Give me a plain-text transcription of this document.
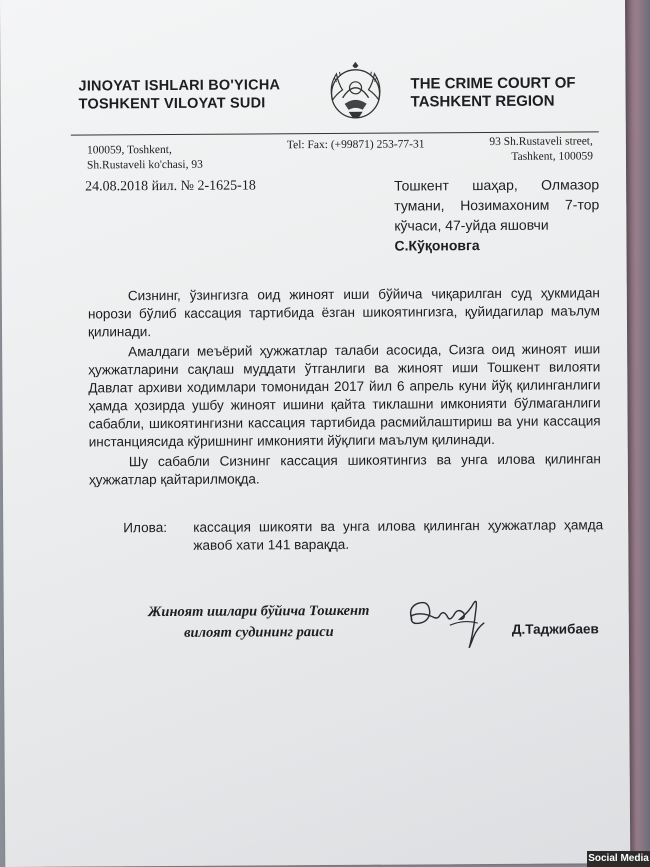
JINOYAT ISHLARI BO'YICHA
TOSHKENT VILOYAT SUDI
THE CRIME COURT OF
TASHKENT REGION
100059, Toshkent,
Sh.Rustaveli ko'chasi, 93
Tel: Fax: (+99871) 253-77-31	93 Sh.Rustaveli street,
Tashkent, 100059
24.08.2018 йил. № 2-1625-18	Тошкент шаҳар, Олмазор тумани, Нозимахоним 7-тор кўчаси, 47-уйда яшовчи
С.Кўқоновга

Сизнинг, ўзингизга оид жиноят иши бўйича чиқарилган суд ҳукмидан норози бўлиб кассация тартибида ёзган шикоятингизга, қуйидагилар маълум қилинади.

Амалдаги меъёрий ҳужжатлар талаби асосида, Сизга оид жиноят иши ҳужжатларини сақлаш муддати ўтганлиги ва жиноят иши Тошкент вилояти Давлат архиви ходимлари томонидан 2017 йил 6 апрель куни йўқ қилинганлиги ҳамда ҳозирда ушбу жиноят ишини қайта тиклашни имконияти бўлмаганлиги сабабли, шикоятингизни кассация тартибида расмийлаштириш ва уни кассация инстанциясида кўришнинг имконияти йўқлиги маълум қилинади.

Шу сабабли Сизнинг кассация шикоятингиз ва унга илова қилинган ҳужжатлар қайтарилмоқда.

Илова:	кассация шикояти ва унга илова қилинган ҳужжатлар ҳамда жавоб хати 141 варақда.
Жиноят ишлари бўйича Тошкент
вилоят судининг раиси	Д.Таджибаев
Social Media
